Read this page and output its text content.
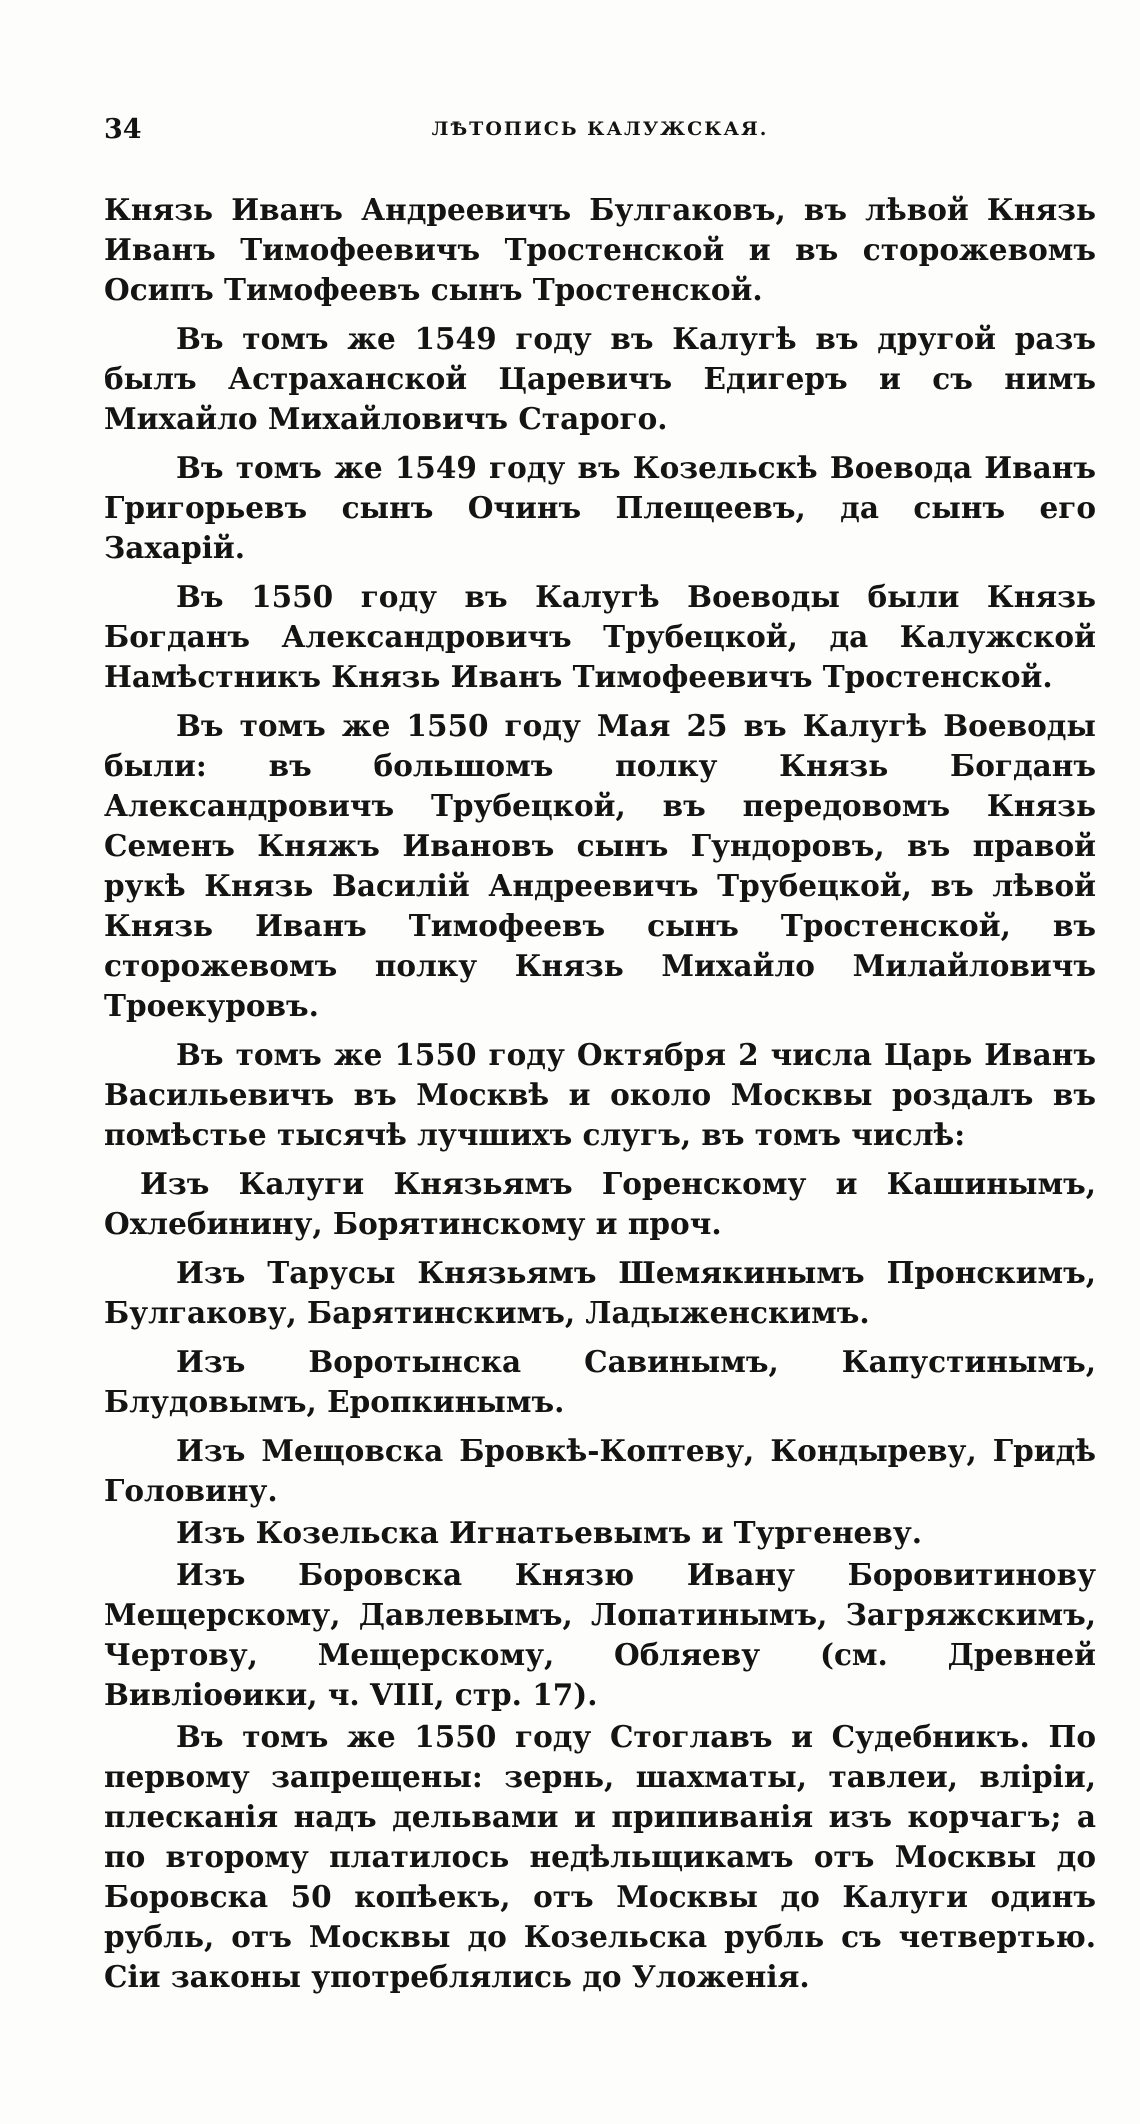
34	ЛѢТОПИСЬ КАЛУЖСКАЯ.

Князь Иванъ Андреевичъ Булгаковъ, въ лѣвой Князь Иванъ Тимофеевичъ Тростенской и въ сторожевомъ Осипъ Тимофеевъ сынъ Тростенской.

Въ томъ же 1549 году въ Калугѣ въ другой разъ былъ Астраханской Царевичъ Едигеръ и съ нимъ Михайло Михайловичъ Старого.

Въ томъ же 1549 году въ Козельскѣ Воевода Иванъ Григорьевъ сынъ Очинъ Плещеевъ, да сынъ его Захарій.

Въ 1550 году въ Калугѣ Воеводы были Князь Богданъ Александровичъ Трубецкой, да Калужской Намѣстникъ Князь Иванъ Тимофеевичъ Тростенской.

Въ томъ же 1550 году Мая 25 въ Калугѣ Воеводы были: въ большомъ полку Князь Богданъ Александровичъ Трубецкой, въ передовомъ Князь Семенъ Княжъ Ивановъ сынъ Гундоровъ, въ правой рукѣ Князь Василій Андреевичъ Трубецкой, въ лѣвой Князь Иванъ Тимофеевъ сынъ Тростенской, въ сторожевомъ полку Князь Михайло Милайловичъ Троекуровъ.

Въ томъ же 1550 году Октября 2 числа Царь Иванъ Васильевичъ въ Москвѣ и около Москвы роздалъ въ помѣстье тысячѣ лучшихъ слугъ, въ томъ числѣ:

Изъ Калуги Князьямъ Горенскому и Кашинымъ, Охлебинину, Борятинскому и проч.

Изъ Тарусы Князьямъ Шемякинымъ Пронскимъ, Булгакову, Барятинскимъ, Ладыженскимъ.

Изъ Воротынска Савинымъ, Капустинымъ, Блудовымъ, Еропкинымъ.

Изъ Мещовска Бровкѣ-Коптеву, Кондыреву, Гридѣ Головину.

Изъ Козельска Игнатьевымъ и Тургеневу.

Изъ Боровска Князю Ивану Боровитинову Мещерскому, Давлевымъ, Лопатинымъ, Загряжскимъ, Чертову, Мещерскому, Обляеву (см. Древней Вивліоѳики, ч. VIII, стр. 17).

Въ томъ же 1550 году Стоглавъ и Судебникъ. По первому запрещены: зернь, шахматы, тавлеи, вліріи, плесканія надъ дельвами и припиванія изъ корчагъ; а по второму платилось недѣльщикамъ отъ Москвы до Боровска 50 копѣекъ, отъ Москвы до Калуги одинъ рубль, отъ Москвы до Козельска рубль съ четвертью. Сіи законы употреблялись до Уложенія.
